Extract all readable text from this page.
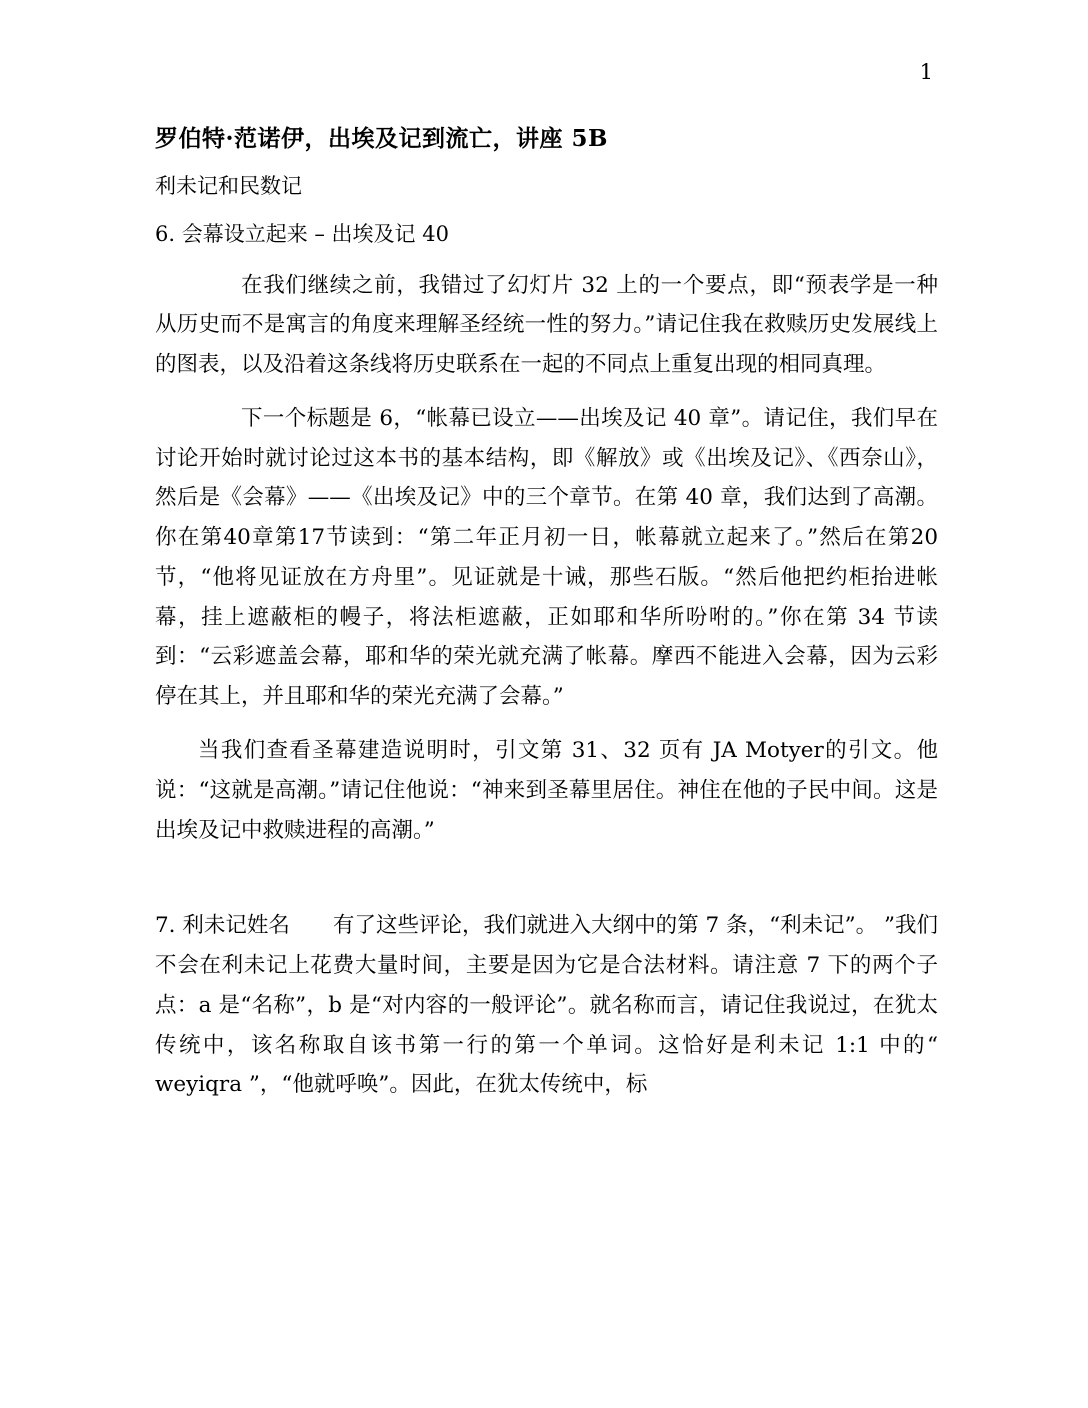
1
罗伯特·范诺伊，出埃及记到流亡，讲座 5B
利未记和民数记
6. 会幕设立起来 – 出埃及记 40

在我们继续之前，我错过了幻灯片 32 上的一个要点，即“预表学是一种从历史而不是寓言的角度来理解圣经统一性的努力。”请记住我在救赎历史发展线上的图表，以及沿着这条线将历史联系在一起的不同点上重复出现的相同真理。

下一个标题是 6，“帐幕已设立——出埃及记 40 章”。请记住，我们早在讨论开始时就讨论过这本书的基本结构，即《解放》或《出埃及记》、《西奈山》，然后是《会幕》——《出埃及记》中的三个章节。在第 40 章，我们达到了高潮。你在第40章第17节读到：“第二年正月初一日，帐幕就立起来了。”然后在第20节，“他将见证放在方舟里”。见证就是十诫，那些石版。“然后他把约柜抬进帐幕，挂上遮蔽柜的幔子，将法柜遮蔽，正如耶和华所吩咐的。”你在第 34 节读到：“云彩遮盖会幕，耶和华的荣光就充满了帐幕。摩西不能进入会幕，因为云彩停在其上，并且耶和华的荣光充满了会幕。”

当我们查看圣幕建造说明时，引文第 31、32 页有 JA Motyer的引文。他说：“这就是高潮。”请记住他说：“神来到圣幕里居住。神住在他的子民中间。这是出埃及记中救赎进程的高潮。”

7. 利未记姓名　　有了这些评论，我们就进入大纲中的第 7 条，“利未记”。 ”我们不会在利未记上花费大量时间，主要是因为它是合法材料。请注意 7 下的两个子点：a 是“名称”，b 是“对内容的一般评论”。就名称而言，请记住我说过，在犹太传统中，该名称取自该书第一行的第一个单词。这恰好是利未记 1:1 中的“ weyiqra ”，“他就呼唤”。因此，在犹太传统中，标
